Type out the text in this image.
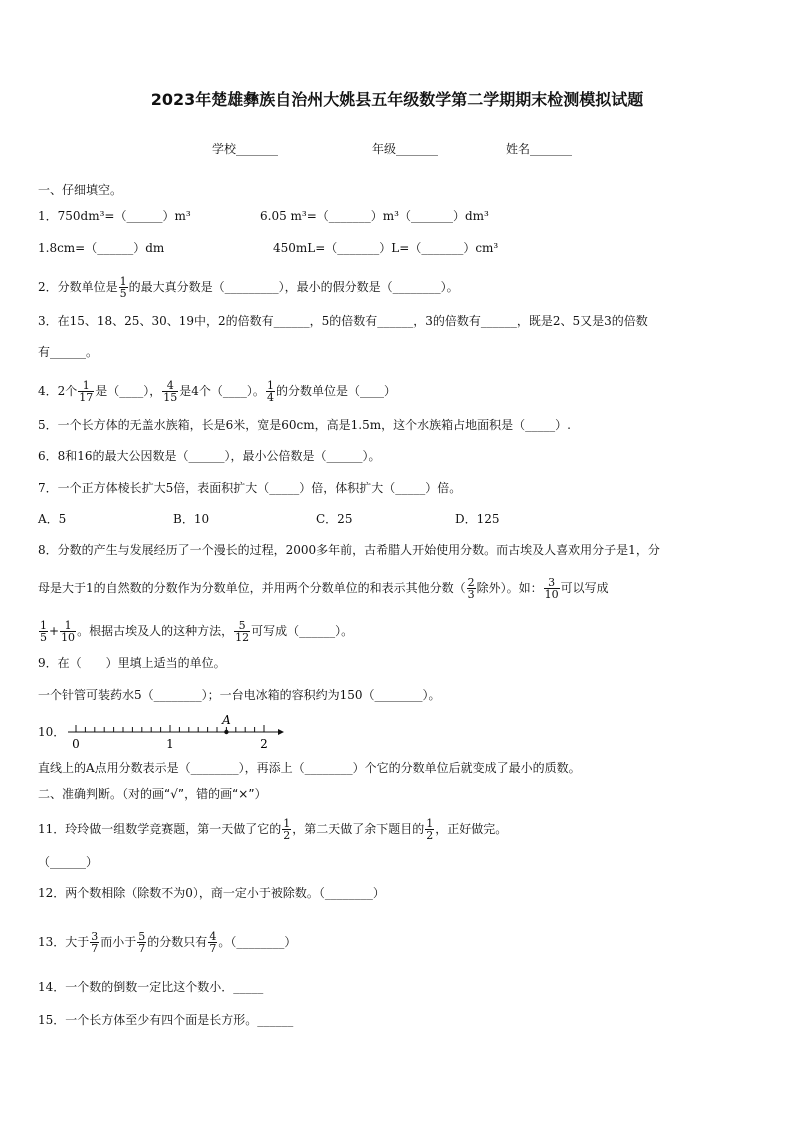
2023年楚雄彝族自治州大姚县五年级数学第二学期期末检测模拟试题
学校_______	年级_______	姓名_______
一、仔细填空。
1．750dm³=（______）m³	6.05 m³=（_______）m³（_______）dm³
1.8cm=（______）dm	450mL=（_______）L=（_______）cm³
2．分数单位是 $\frac{1}{5}$ 的最大真分数是（_________），最小的假分数是（________）。
3．在15、18、25、30、19中，2的倍数有______，5的倍数有______，3的倍数有______，既是2、5又是3的倍数
有______。
4．2个 $\frac{1}{17}$ 是（____）， $\frac{4}{15}$ 是4个（____）。 $\frac{1}{4}$ 的分数单位是（____）
5．一个长方体的无盖水族箱，长是6米，宽是60cm，高是1.5m，这个水族箱占地面积是（_____）.
6．8和16的最大公因数是（______），最小公倍数是（______）。
7．一个正方体棱长扩大5倍，表面积扩大（_____）倍，体积扩大（_____）倍。
A．5	B．10	C．25	D．125
8．分数的产生与发展经历了一个漫长的过程，2000多年前，古希腊人开始使用分数。而古埃及人喜欢用分子是1，分
母是大于1的自然数的分数作为分数单位，并用两个分数单位的和表示其他分数（ $\frac{2}{3}$ 除外）。如： $\frac{3}{10}$ 可以写成
$\frac{1}{5} + \frac{1}{10}$ 。根据古埃及人的这种方法， $\frac{5}{12}$ 可写成（______）。
9．在（　　）里填上适当的单位。
一个针管可装药水5（________）；一台电冰箱的容积约为150（________）。
10．
A
0	1	2
直线上的A点用分数表示是（________），再添上（________）个它的分数单位后就变成了最小的质数。
二、准确判断。（对的画“√”，错的画“×”）
11．玲玲做一组数学竞赛题，第一天做了它的 $\frac{1}{2}$ ，第二天做了余下题目的 $\frac{1}{2}$ ，正好做完。
（______）
12．两个数相除（除数不为0），商一定小于被除数。（________）
13．大于 $\frac{3}{7}$ 而小于 $\frac{5}{7}$ 的分数只有 $\frac{4}{7}$ 。（________）
14．一个数的倒数一定比这个数小．_____
15．一个长方体至少有四个面是长方形。______
